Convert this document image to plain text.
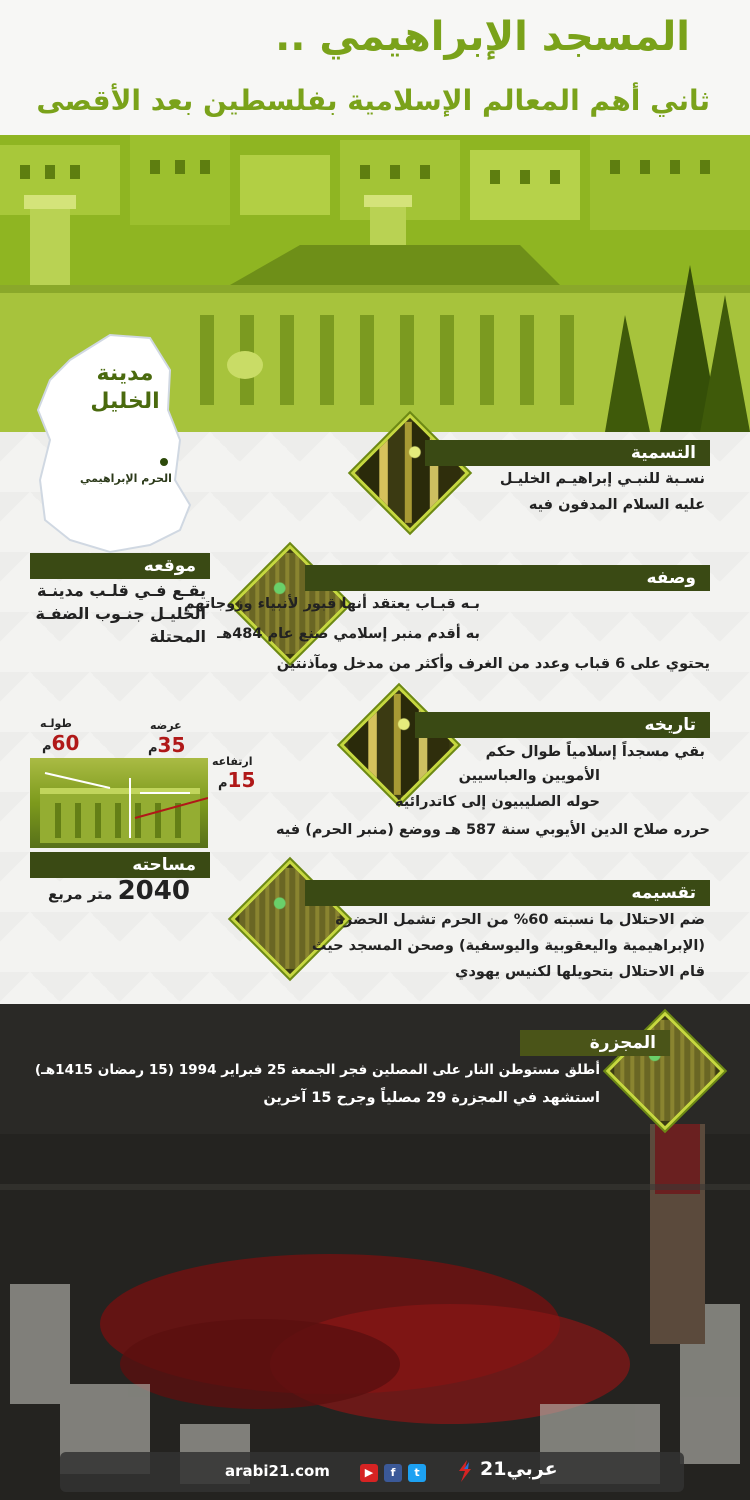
المسجد الإبراهيمي ..
ثاني أهم المعالم الإسلامية بفلسطين بعد الأقصى
مدينة الخليل
الحرم الإبراهيمي
التسمية
نسـبة للنبـي إبراهيـم الخليـل
عليه السلام المدفون فيه
موقعه
يقـع فـي قلـب مدينـة
الخليـل جنـوب الضفـة
المحتلة
وصفه
بـه قبـاب يعتقد أنها قبور لأنبياء وزوجاتهم
به أقدم منبر إسلامي صنع عام 484هـ
يحتوي على 6 قباب وعدد من الغرف وأكثر من مدخل ومآذنتين
تاريخه
بقي مسجداً إسلامياً طوال حكم
الأمويين والعباسيين
حوله الصليبيون إلى كاتدرائية
حرره صلاح الدين الأيوبي سنة 587 هـ ووضع (منبر الحرم) فيه
طولـه
60م
عرضه
35م
ارتفاعه
15م
مساحته
2040 متر مربع	تقسيمه
ضم الاحتلال ما نسبته 60% من الحرم تشمل الحضرة
(الإبراهيمية واليعقوبية واليوسفية) وصحن المسجد حيث
قام الاحتلال بتحويلها لكنيس يهودي
المجزرة
أطلق مستوطن النار على المصلين فجر الجمعة 25 فبراير 1994 (15 رمضان 1415هـ)
استشهد في المجزرة 29 مصلياً وجرح 15 آخرين
arabi21.com	▶	f	t	عربي21
